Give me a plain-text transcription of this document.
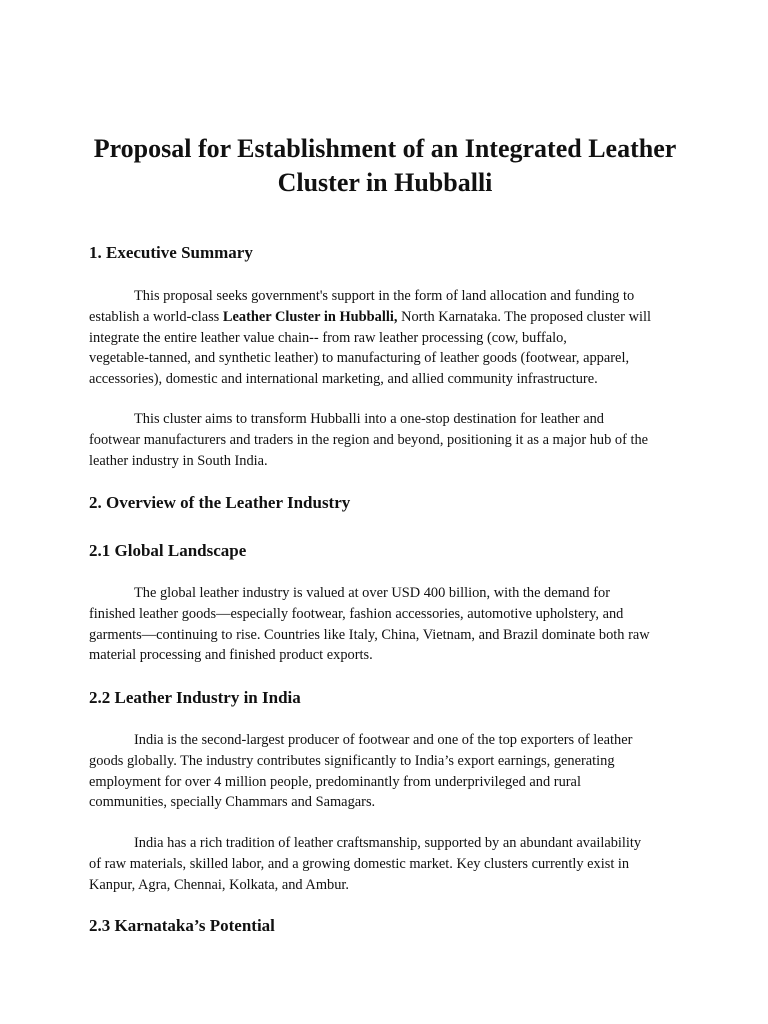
Proposal for Establishment of an Integrated Leather
Cluster in Hubballi
1. Executive Summary
This proposal seeks government's support in the form of land allocation and funding to
establish a world-class Leather Cluster in Hubballi, North Karnataka. The proposed cluster will
integrate the entire leather value chain-- from raw leather processing (cow, buffalo,
vegetable-tanned, and synthetic leather) to manufacturing of leather goods (footwear, apparel,
accessories), domestic and international marketing, and allied community infrastructure.
This cluster aims to transform Hubballi into a one-stop destination for leather and
footwear manufacturers and traders in the region and beyond, positioning it as a major hub of the
leather industry in South India.
2. Overview of the Leather Industry
2.1 Global Landscape
The global leather industry is valued at over USD 400 billion, with the demand for
finished leather goods—especially footwear, fashion accessories, automotive upholstery, and
garments—continuing to rise. Countries like Italy, China, Vietnam, and Brazil dominate both raw
material processing and finished product exports.
2.2 Leather Industry in India
India is the second-largest producer of footwear and one of the top exporters of leather
goods globally. The industry contributes significantly to India’s export earnings, generating
employment for over 4 million people, predominantly from underprivileged and rural
communities, specially Chammars and Samagars.
India has a rich tradition of leather craftsmanship, supported by an abundant availability
of raw materials, skilled labor, and a growing domestic market. Key clusters currently exist in
Kanpur, Agra, Chennai, Kolkata, and Ambur.
2.3 Karnataka’s Potential
